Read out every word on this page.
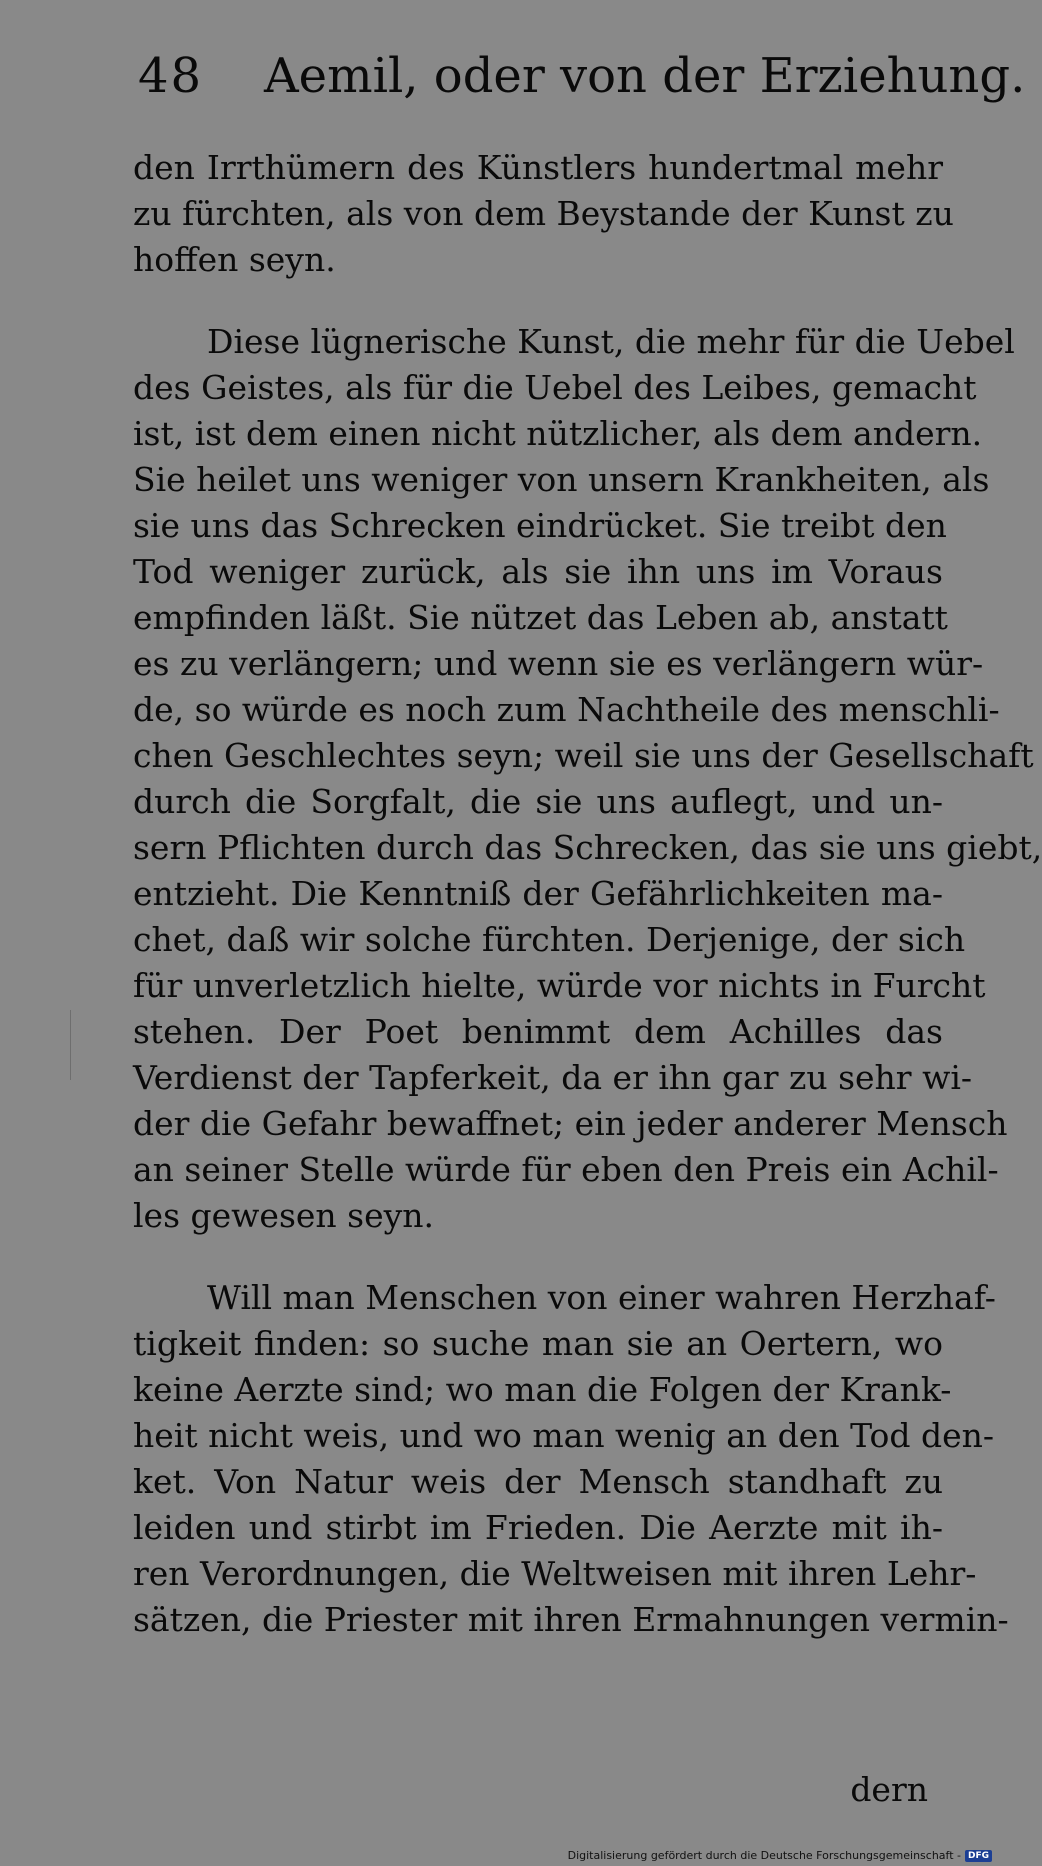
48 Aemil, oder von der Erziehung.
den Irrthümern des Künstlers hundertmal mehr
zu fürchten, als von dem Beystande der Kunst zu
hoffen seyn.
Diese lügnerische Kunst, die mehr für die Uebel
des Geistes, als für die Uebel des Leibes, gemacht
ist, ist dem einen nicht nützlicher, als dem andern.
Sie heilet uns weniger von unsern Krankheiten, als
sie uns das Schrecken eindrücket. Sie treibt den
Tod weniger zurück, als sie ihn uns im Voraus
empfinden läßt. Sie nützet das Leben ab, anstatt
es zu verlängern; und wenn sie es verlängern wür-
de, so würde es noch zum Nachtheile des menschli-
chen Geschlechtes seyn; weil sie uns der Gesellschaft
durch die Sorgfalt, die sie uns auflegt, und un-
sern Pflichten durch das Schrecken, das sie uns giebt,
entzieht. Die Kenntniß der Gefährlichkeiten ma-
chet, daß wir solche fürchten. Derjenige, der sich
für unverletzlich hielte, würde vor nichts in Furcht
stehen. Der Poet benimmt dem Achilles das
Verdienst der Tapferkeit, da er ihn gar zu sehr wi-
der die Gefahr bewaffnet; ein jeder anderer Mensch
an seiner Stelle würde für eben den Preis ein Achil-
les gewesen seyn.
Will man Menschen von einer wahren Herzhaf-
tigkeit finden: so suche man sie an Oertern, wo
keine Aerzte sind; wo man die Folgen der Krank-
heit nicht weis, und wo man wenig an den Tod den-
ket. Von Natur weis der Mensch standhaft zu
leiden und stirbt im Frieden. Die Aerzte mit ih-
ren Verordnungen, die Weltweisen mit ihren Lehr-
sätzen, die Priester mit ihren Ermahnungen vermin-
dern
Digitalisierung gefördert durch die Deutsche Forschungsgemeinschaft - DFG
